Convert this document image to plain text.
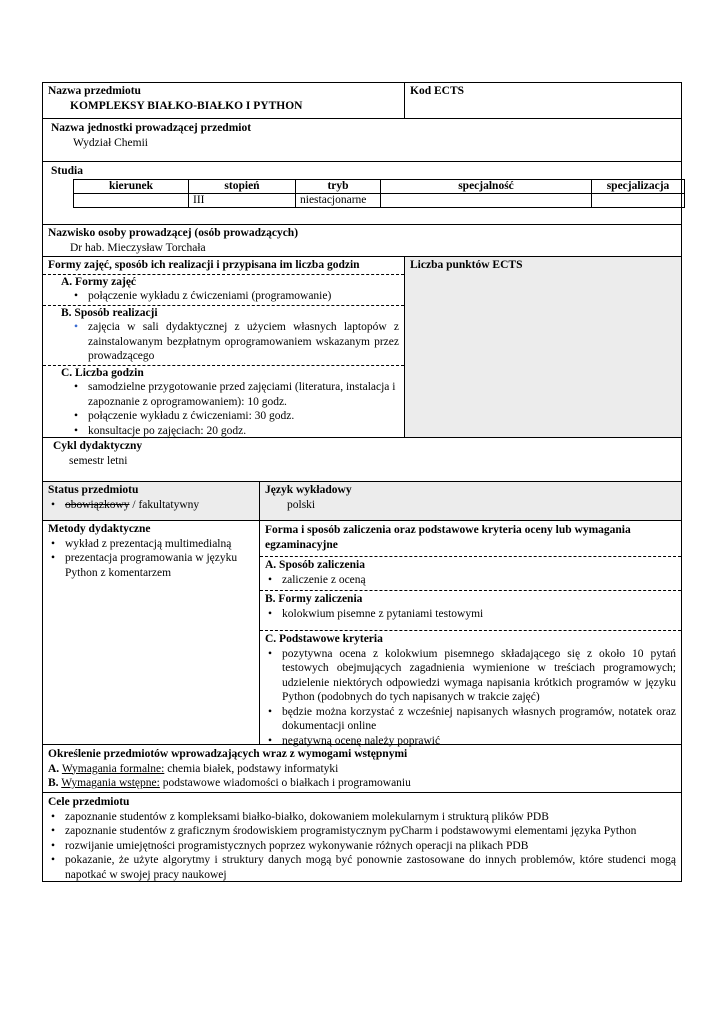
Nazwa przedmiotu
KOMPLEKSY BIAŁKO-BIAŁKO I PYTHON
Kod ECTS
Nazwa jednostki prowadzącej przedmiot
Wydział Chemii
Studia
kierunek	stopień	tryb	specjalność	specjalizacja
	III	niestacjonarne		
Nazwisko osoby prowadzącej (osób prowadzących)
Dr hab. Mieczysław Torchała
Formy zajęć, sposób ich realizacji i przypisana im liczba godzin
A. Formy zajęć
• połączenie wykładu z ćwiczeniami (programowanie)
B. Sposób realizacji
• zajęcia w sali dydaktycznej z użyciem własnych laptopów z zainstalowanym bezpłatnym oprogramowaniem wskazanym przez prowadzącego
C. Liczba godzin
• samodzielne przygotowanie przed zajęciami (literatura, instalacja i zapoznanie z oprogramowaniem): 10 godz.
• połączenie wykładu z ćwiczeniami: 30 godz.
• konsultacje po zajęciach: 20 godz.
Liczba punktów ECTS
Cykl dydaktyczny
semestr letni
Status przedmiotu
• obowiązkowy / fakultatywny
Język wykładowy
polski
Metody dydaktyczne
• wykład z prezentacją multimedialną
• prezentacja programowania w języku Python z komentarzem
Forma i sposób zaliczenia oraz podstawowe kryteria oceny lub wymagania egzaminacyjne
A. Sposób zaliczenia
• zaliczenie z oceną
B. Formy zaliczenia
• kolokwium pisemne z pytaniami testowymi
C. Podstawowe kryteria
• pozytywna ocena z kolokwium pisemnego składającego się z około 10 pytań testowych obejmujących zagadnienia wymienione w treściach programowych; udzielenie niektórych odpowiedzi wymaga napisania krótkich programów w języku Python (podobnych do tych napisanych w trakcie zajęć)
• będzie można korzystać z wcześniej napisanych własnych programów, notatek oraz dokumentacji online
• negatywną ocenę należy poprawić
Określenie przedmiotów wprowadzających wraz z wymogami wstępnymi
A. Wymagania formalne: chemia białek, podstawy informatyki
B. Wymagania wstępne: podstawowe wiadomości o białkach i programowaniu
Cele przedmiotu
• zapoznanie studentów z kompleksami białko-białko, dokowaniem molekularnym i strukturą plików PDB
• zapoznanie studentów z graficznym środowiskiem programistycznym pyCharm i podstawowymi elementami języka Python
• rozwijanie umiejętności programistycznych poprzez wykonywanie różnych operacji na plikach PDB
• pokazanie, że użyte algorytmy i struktury danych mogą być ponownie zastosowane do innych problemów, które studenci mogą napotkać w swojej pracy naukowej
